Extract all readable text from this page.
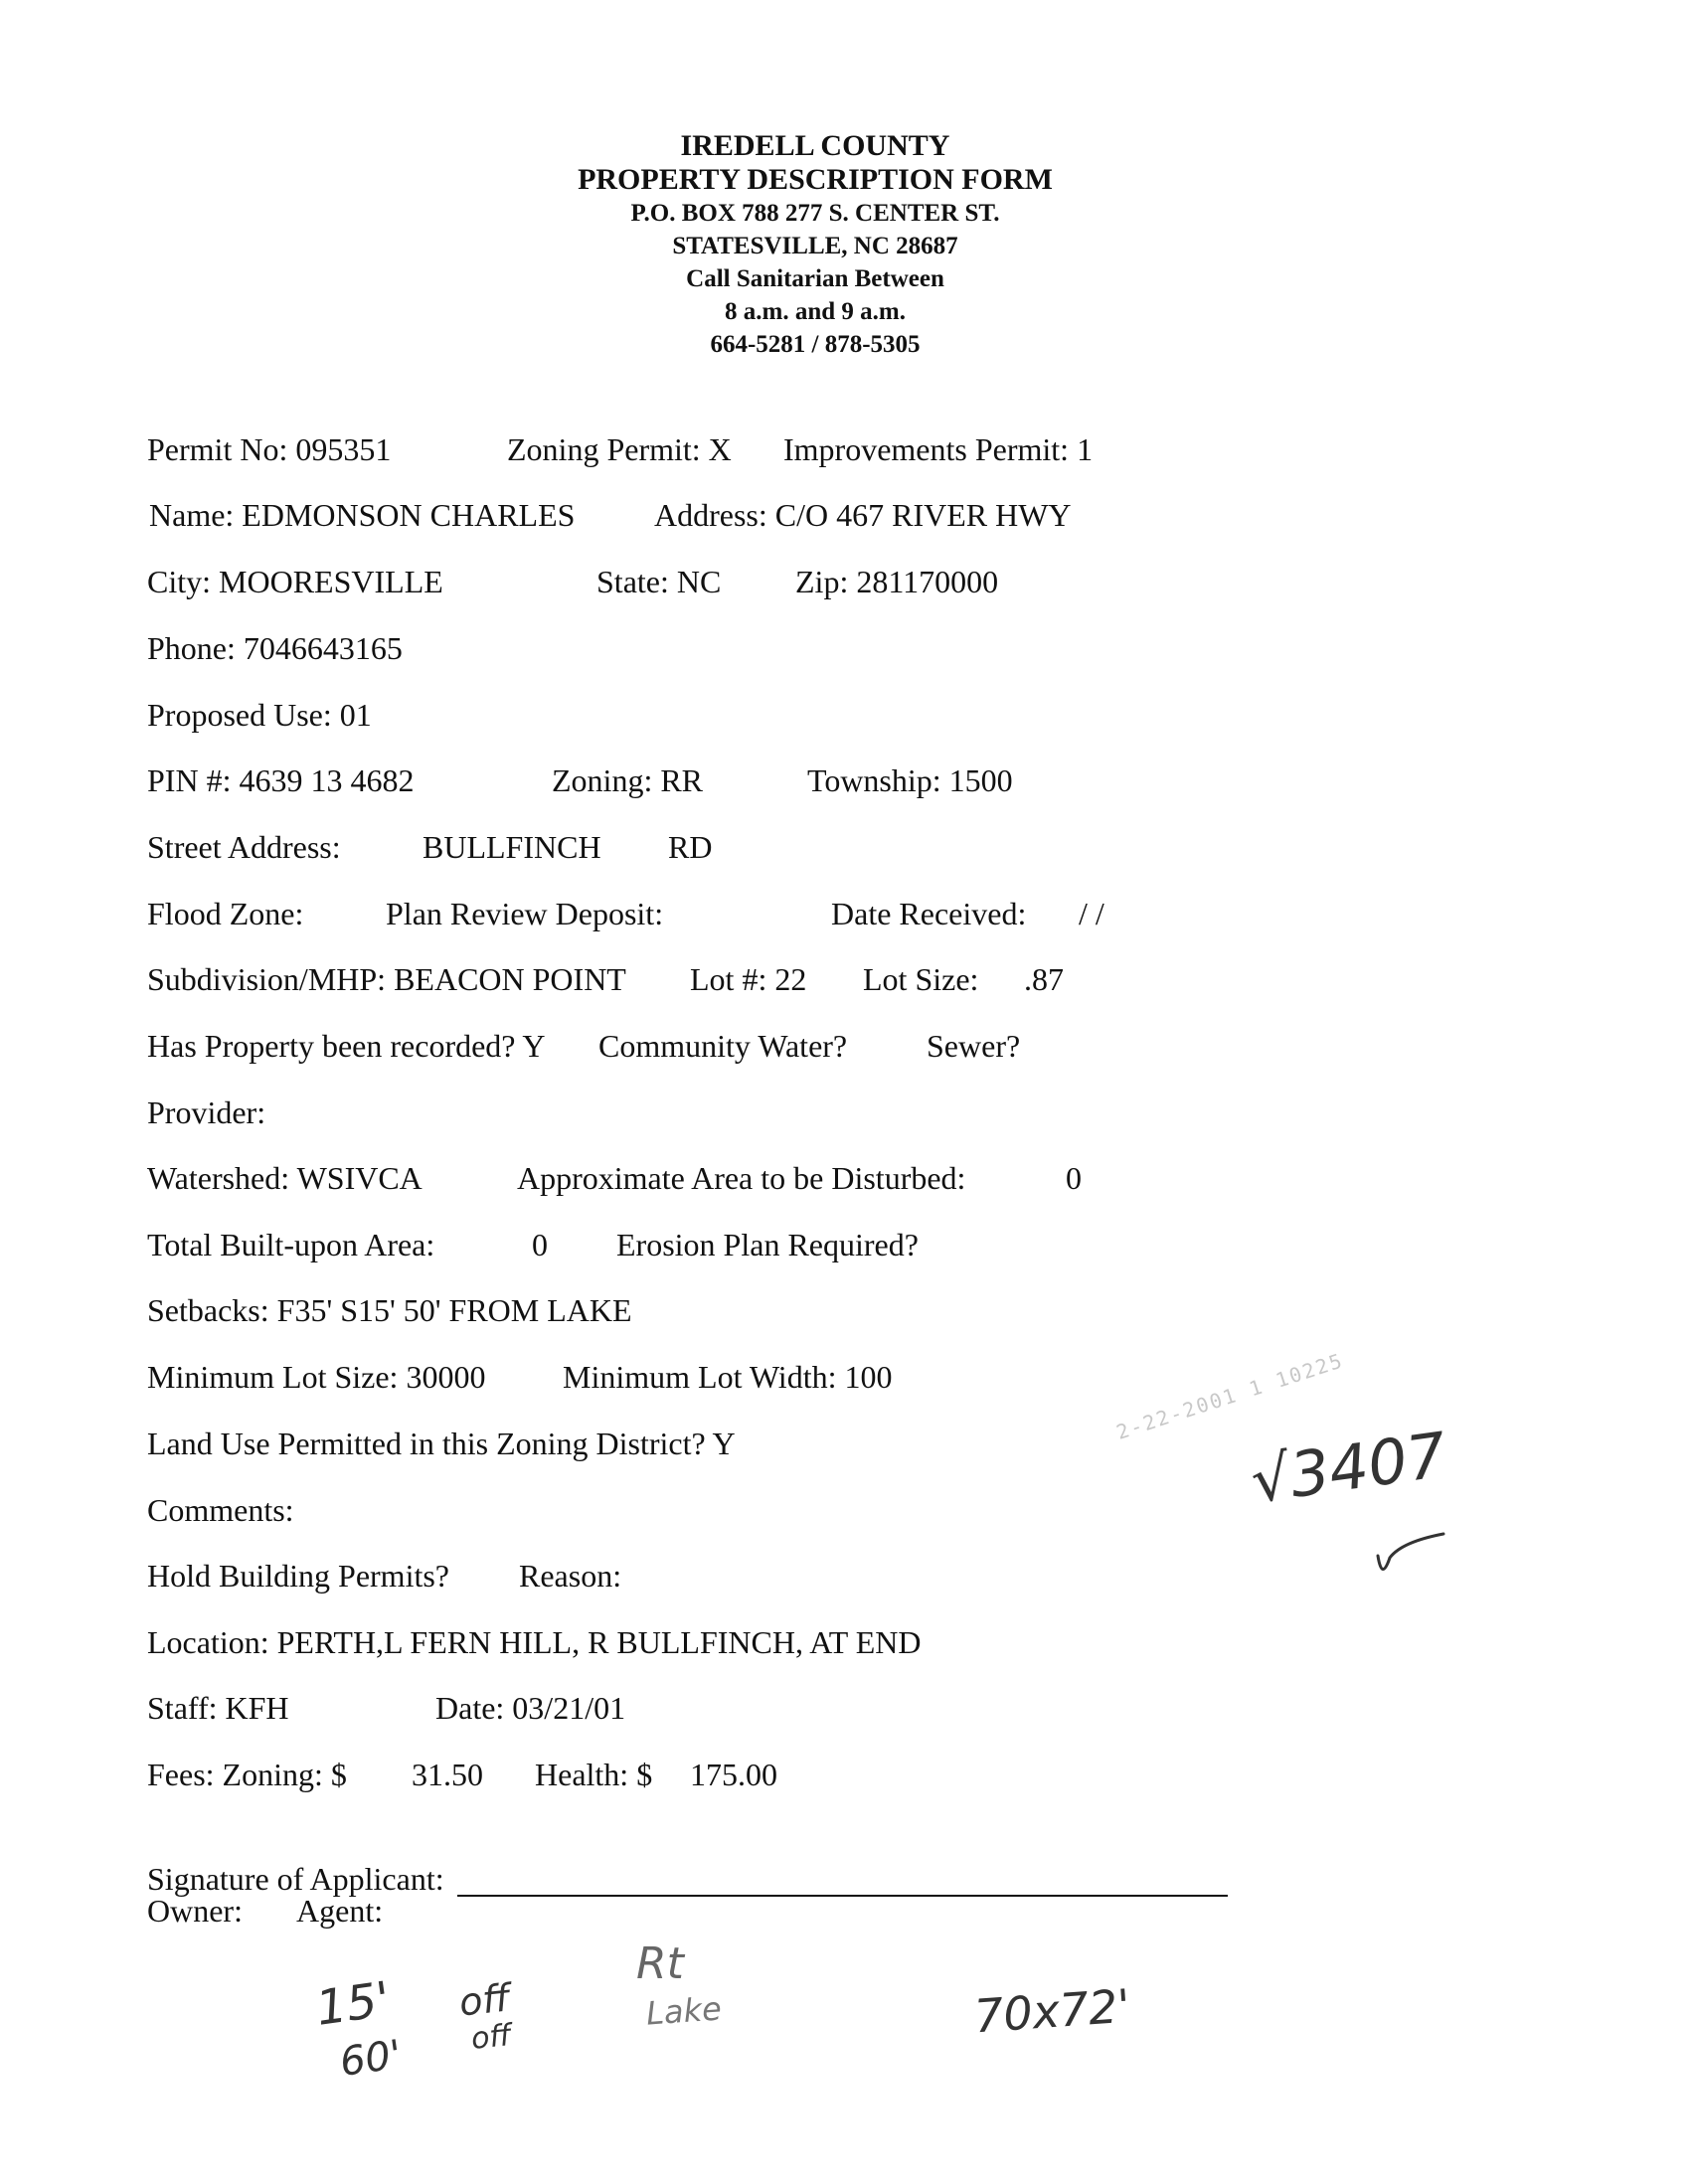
IREDELL COUNTY
PROPERTY DESCRIPTION FORM
P.O. BOX 788 277 S. CENTER ST.
STATESVILLE, NC 28687
Call Sanitarian Between
8 a.m. and 9 a.m.
664-5281 / 878-5305
Permit No: 095351	Zoning Permit: X Improvements Permit: 1
Name: EDMONSON CHARLES Address: C/O 467 RIVER HWY
City: MOORESVILLE	State: NC Zip: 281170000
Phone: 7046643165
Proposed Use: 01
PIN #: 4639 13 4682	Zoning: RR	Township: 1500
Street Address:	BULLFINCH RD
Flood Zone:	Plan Review Deposit:	Date Received: / /
Subdivision/MHP: BEACON POINT Lot #: 22 Lot Size: .87
Has Property been recorded? Y Community Water? Sewer?
Provider:
Watershed: WSIVCA	Approximate Area to be Disturbed:	0
Total Built-upon Area:	0 Erosion Plan Required?
Setbacks: F35' S15' 50' FROM LAKE
Minimum Lot Size: 30000 Minimum Lot Width: 100
Land Use Permitted in this Zoning District? Y
Comments:
Hold Building Permits? Reason:
Location: PERTH,L FERN HILL, R BULLFINCH, AT END
Staff: KFH	Date: 03/21/01
Fees: Zoning: $ 31.50 Health: $ 175.00
Signature of Applicant:
Owner: Agent:
15'
60'
off
off
Rt
Lake	70x72'
√3407
2-22-2001 1 10225
